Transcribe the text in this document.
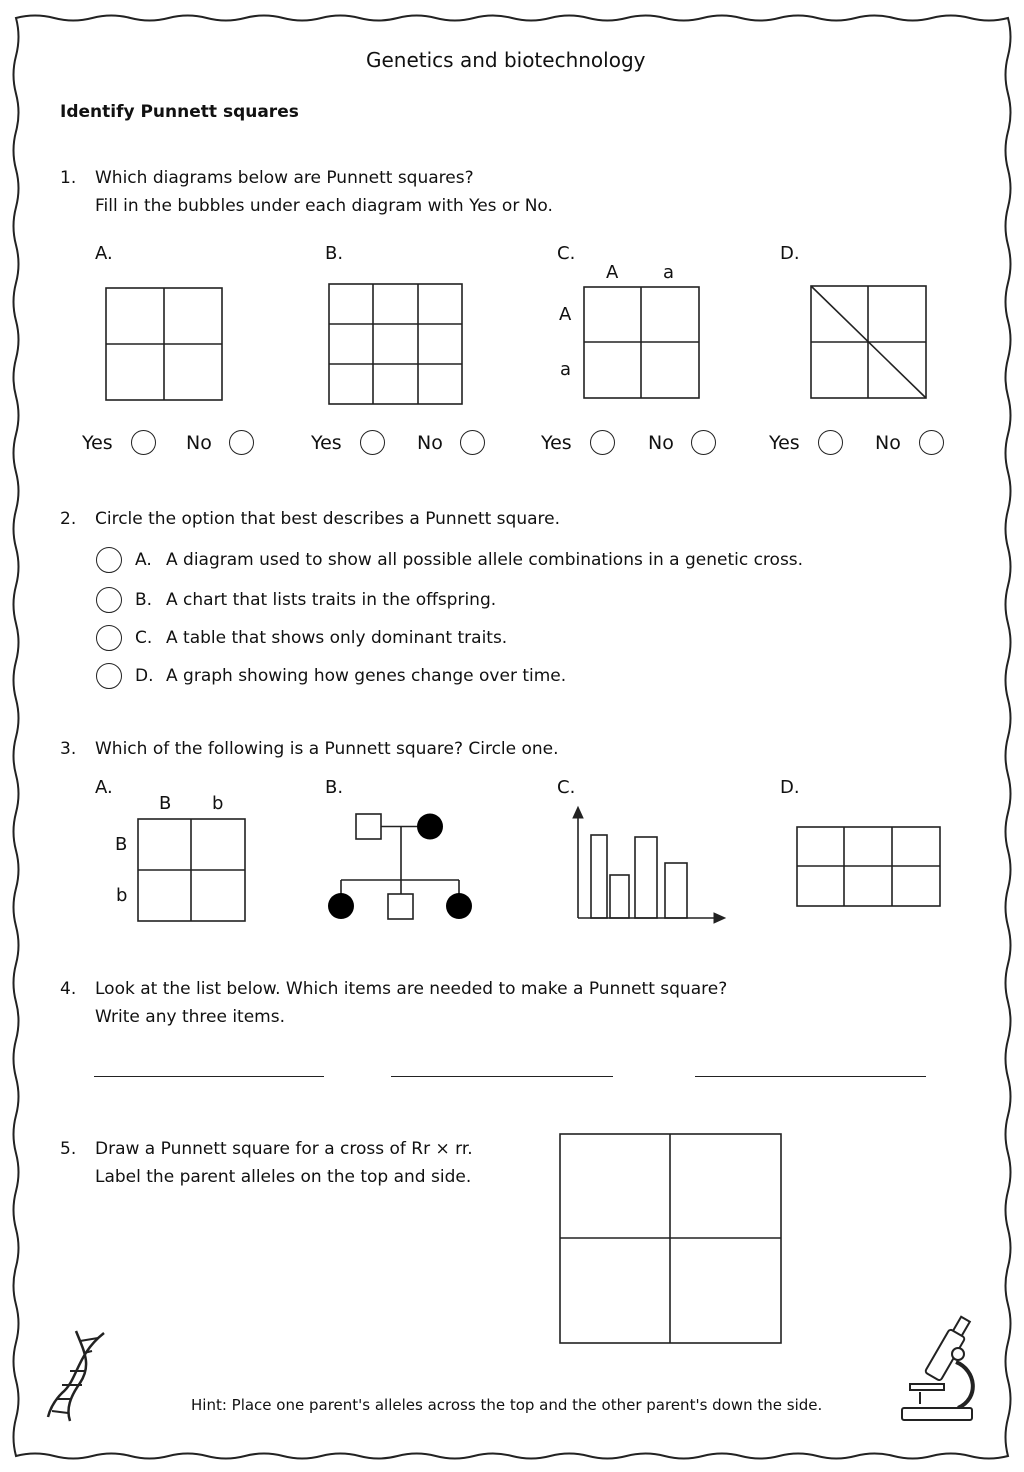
Genetics and biotechnology
Identify Punnett squares
1. Which diagrams below are Punnett squares?
Fill in the bubbles under each diagram with Yes or No.
A.	B.	C.	D.
A a
A
a
Yes	No	Yes	No	Yes	No	Yes	No
2. Circle the option that best describes a Punnett square.
A. A diagram used to show all possible allele combinations in a genetic cross.
B. A chart that lists traits in the offspring.
C. A table that shows only dominant traits.
D. A graph showing how genes change over time.
3. Which of the following is a Punnett square? Circle one.
A.	B.	C.	D.
B b
B
b
4. Look at the list below. Which items are needed to make a Punnett square?
Write any three items.
5. Draw a Punnett square for a cross of Rr × rr.
Label the parent alleles on the top and side.
Hint: Place one parent's alleles across the top and the other parent's down the side.
